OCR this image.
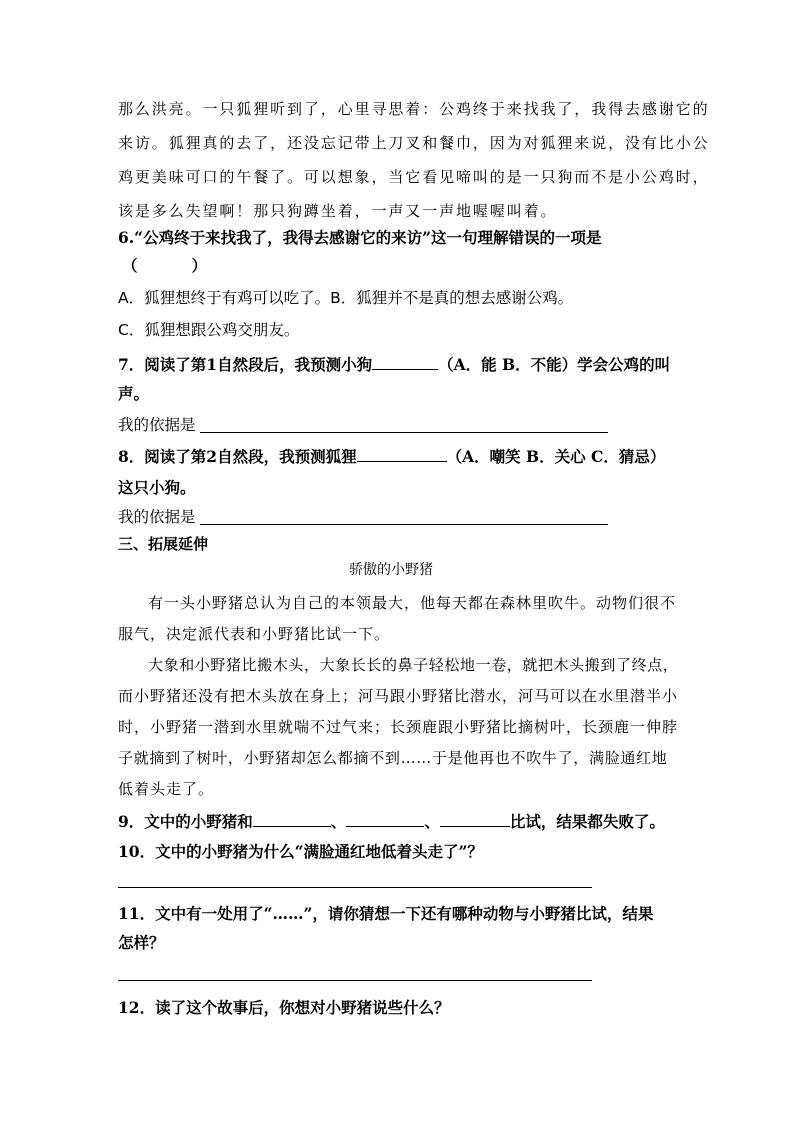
那么洪亮。一只狐狸听到了，心里寻思着：公鸡终于来找我了，我得去感谢它的
来访。狐狸真的去了，还没忘记带上刀叉和餐巾，因为对狐狸来说，没有比小公
鸡更美味可口的午餐了。可以想象，当它看见啼叫的是一只狗而不是小公鸡时，
该是多么失望啊！那只狗蹲坐着，一声又一声地喔喔叫着。
6.“公鸡终于来找我了，我得去感谢它的来访”这一句理解错误的一项是
（          ）
A．狐狸想终于有鸡可以吃了。B．狐狸并不是真的想去感谢公鸡。
C．狐狸想跟公鸡交朋友。
7．阅读了第1自然段后，我预测小狗	（A．能 B．不能）学会公鸡的叫
声。
我的依据是
8．阅读了第2自然段，我预测狐狸	（A．嘲笑 B．关心 C．猜忌）
这只小狗。
我的依据是
三、拓展延伸
骄傲的小野猪
有一头小野猪总认为自己的本领最大，他每天都在森林里吹牛。动物们很不
服气，决定派代表和小野猪比试一下。
大象和小野猪比搬木头，大象长长的鼻子轻松地一卷，就把木头搬到了终点，
而小野猪还没有把木头放在身上；河马跟小野猪比潜水，河马可以在水里潜半小
时，小野猪一潜到水里就喘不过气来；长颈鹿跟小野猪比摘树叶，长颈鹿一伸脖
子就摘到了树叶，小野猪却怎么都摘不到……于是他再也不吹牛了，满脸通红地
低着头走了。
9．文中的小野猪和	、	、	比试，结果都失败了。
10．文中的小野猪为什么“满脸通红地低着头走了”？
11．文中有一处用了“……”，请你猜想一下还有哪种动物与小野猪比试，结果
怎样？
12．读了这个故事后，你想对小野猪说些什么？
